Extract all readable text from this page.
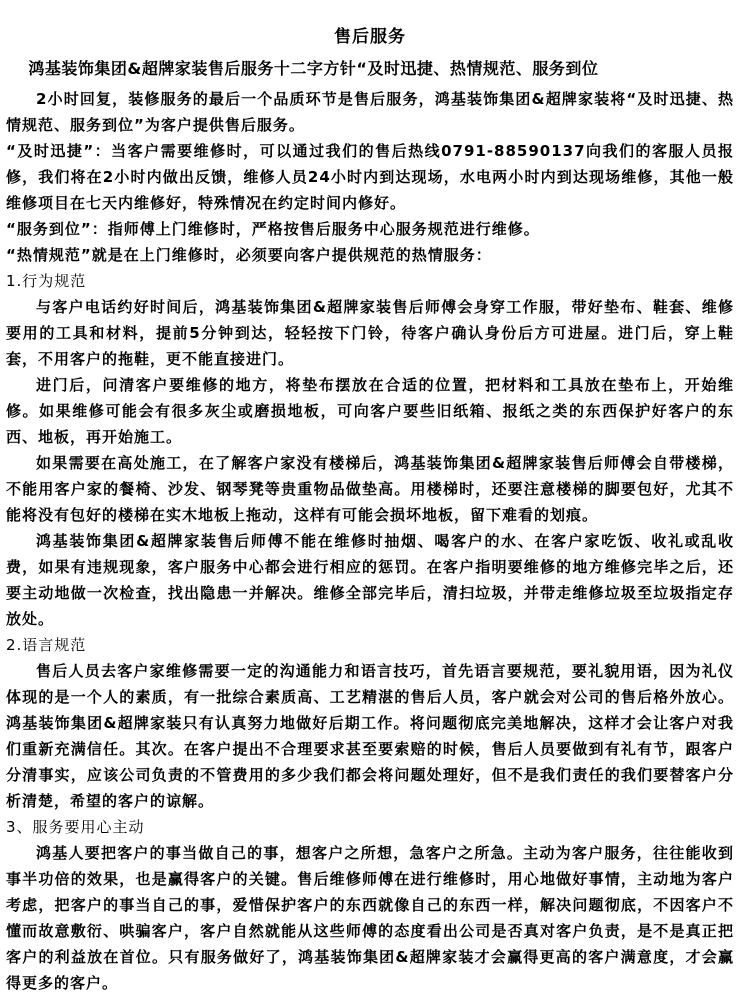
售后服务
鸿基装饰集团&超牌家装售后服务十二字方针“及时迅捷、热情规范、服务到位

2小时回复，装修服务的最后一个品质环节是售后服务，鸿基装饰集团&超牌家装将“及时迅捷、热情规范、服务到位”为客户提供售后服务。

“及时迅捷”：当客户需要维修时，可以通过我们的售后热线0791-88590137向我们的客服人员报修，我们将在2小时内做出反馈，维修人员24小时内到达现场，水电两小时内到达现场维修，其他一般维修项目在七天内维修好，特殊情况在约定时间内修好。

“服务到位”：指师傅上门维修时，严格按售后服务中心服务规范进行维修。

“热情规范”就是在上门维修时，必须要向客户提供规范的热情服务：

1.行为规范

与客户电话约好时间后，鸿基装饰集团&超牌家装售后师傅会身穿工作服，带好垫布、鞋套、维修要用的工具和材料，提前5分钟到达，轻轻按下门铃，待客户确认身份后方可进屋。进门后，穿上鞋套，不用客户的拖鞋，更不能直接进门。

进门后，问清客户要维修的地方，将垫布摆放在合适的位置，把材料和工具放在垫布上，开始维修。如果维修可能会有很多灰尘或磨损地板，可向客户要些旧纸箱、报纸之类的东西保护好客户的东西、地板，再开始施工。

如果需要在高处施工，在了解客户家没有楼梯后，鸿基装饰集团&超牌家装售后师傅会自带楼梯，不能用客户家的餐椅、沙发、钢琴凳等贵重物品做垫高。用楼梯时，还要注意楼梯的脚要包好，尤其不能将没有包好的楼梯在实木地板上拖动，这样有可能会损坏地板，留下难看的划痕。

鸿基装饰集团&超牌家装售后师傅不能在维修时抽烟、喝客户的水、在客户家吃饭、收礼或乱收费，如果有违规现象，客户服务中心都会进行相应的惩罚。在客户指明要维修的地方维修完毕之后，还要主动地做一次检查，找出隐患一并解决。维修全部完毕后，清扫垃圾，并带走维修垃圾至垃圾指定存放处。

2.语言规范

售后人员去客户家维修需要一定的沟通能力和语言技巧，首先语言要规范，要礼貌用语，因为礼仪体现的是一个人的素质，有一批综合素质高、工艺精湛的售后人员，客户就会对公司的售后格外放心。鸿基装饰集团&超牌家装只有认真努力地做好后期工作。将问题彻底完美地解决，这样才会让客户对我们重新充满信任。其次。在客户提出不合理要求甚至要索赔的时候，售后人员要做到有礼有节，跟客户分清事实，应该公司负责的不管费用的多少我们都会将问题处理好，但不是我们责任的我们要替客户分析清楚，希望的客户的谅解。

3、服务要用心主动

鸿基人要把客户的事当做自己的事，想客户之所想，急客户之所急。主动为客户服务，往往能收到事半功倍的效果，也是赢得客户的关键。售后维修师傅在进行维修时，用心地做好事情，主动地为客户考虑，把客户的事当自己的事，爱惜保护客户的东西就像自己的东西一样，解决问题彻底，不因客户不懂而故意敷衍、哄骗客户，客户自然就能从这些师傅的态度看出公司是否真对客户负责，是不是真正把客户的利益放在首位。只有服务做好了，鸿基装饰集团&超牌家装才会赢得更高的客户满意度，才会赢得更多的客户。
